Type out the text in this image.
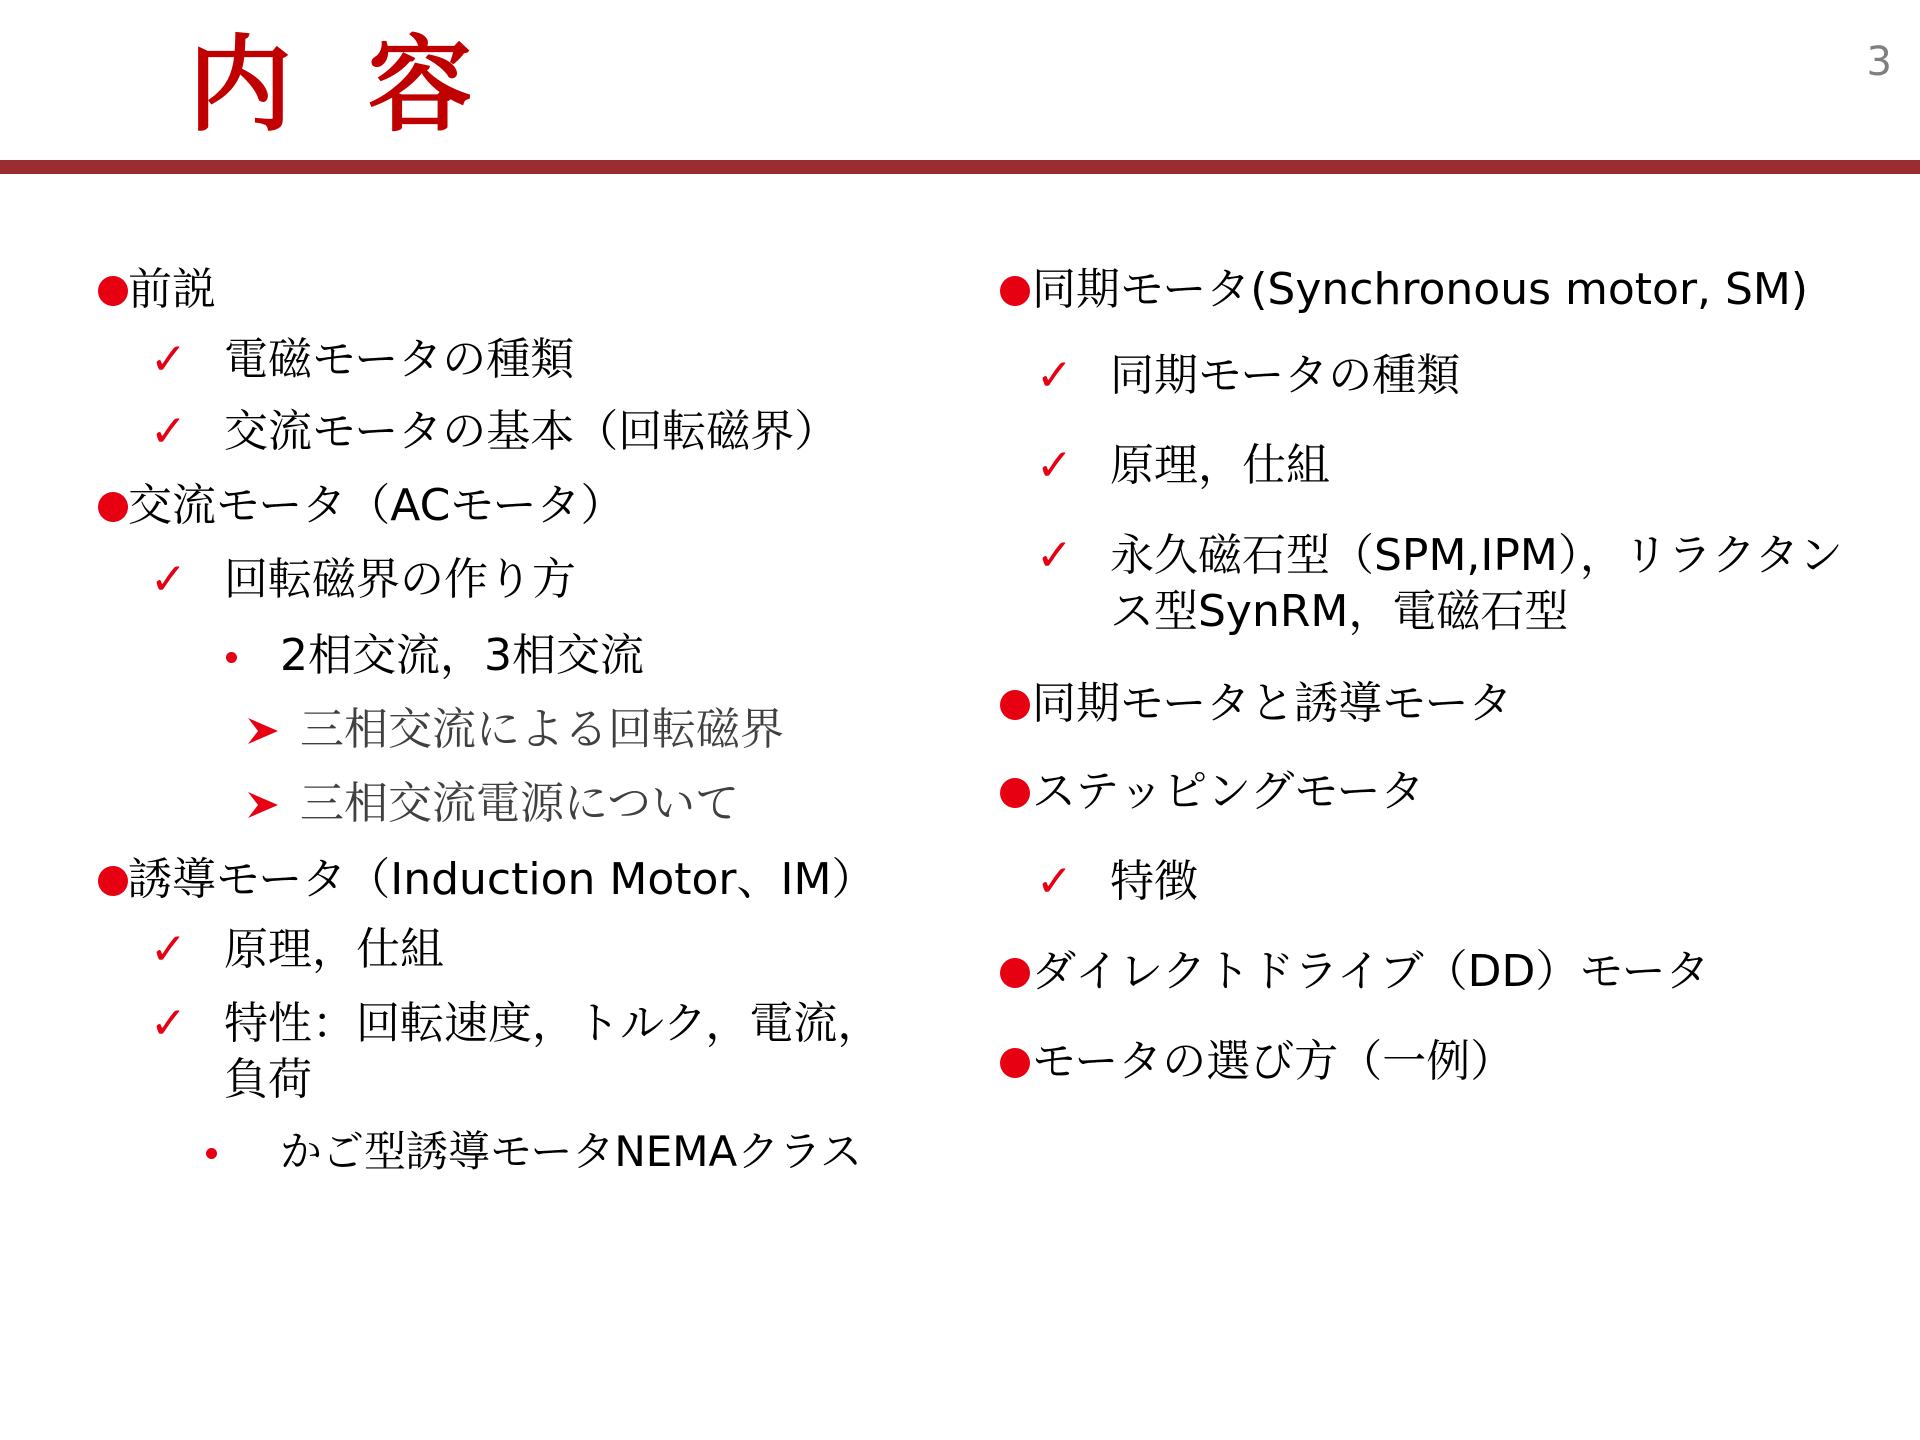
内 容	3
前説
✓ 電磁モータの種類
✓ 交流モータの基本（回転磁界）
交流モータ（ACモータ）
✓ 回転磁界の作り方
2相交流，3相交流
三相交流による回転磁界
三相交流電源について
誘導モータ（Induction Motor、IM）
✓ 原理，仕組
✓ 特性：回転速度，トルク，電流，負荷
かご型誘導モータNEMAクラス
同期モータ(Synchronous motor, SM)
✓ 同期モータの種類
✓ 原理，仕組
✓ 永久磁石型（SPM,IPM），リラクタンス型SynRM，電磁石型
同期モータと誘導モータ
ステッピングモータ
✓ 特徴
ダイレクトドライブ（DD）モータ
モータの選び方（一例）
